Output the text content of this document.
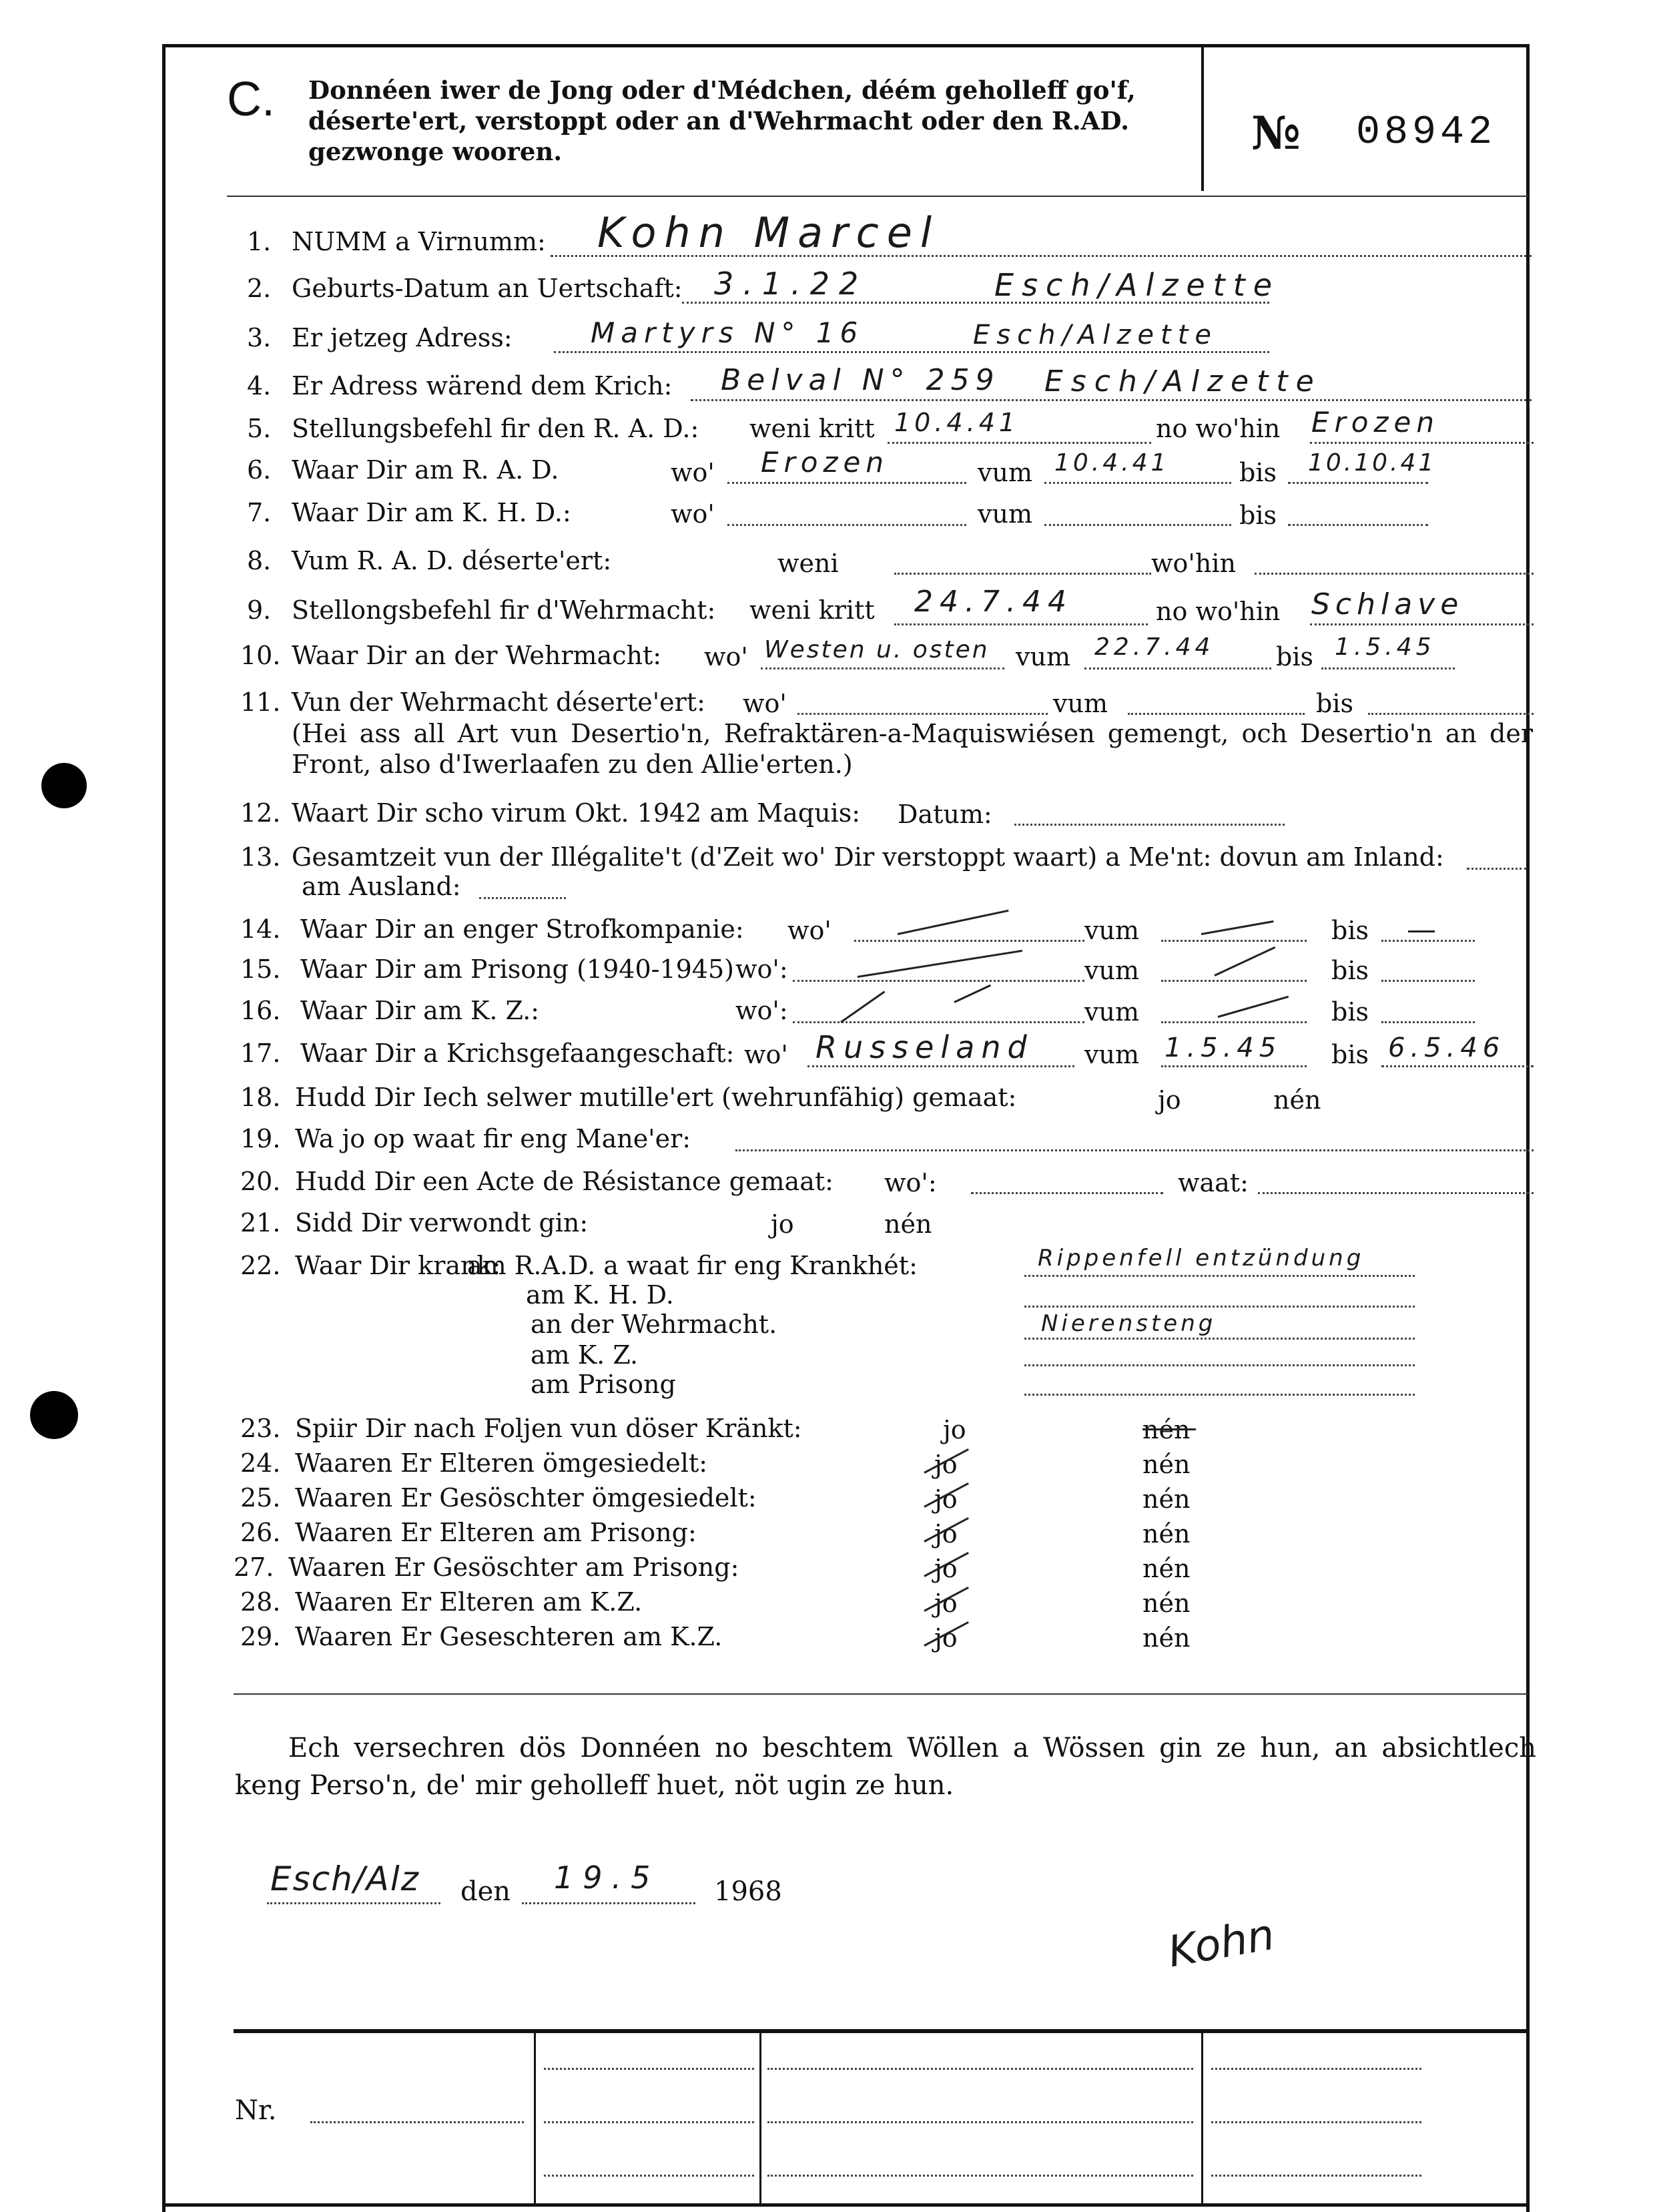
C. Donnéen iwer de Jong oder d'Médchen, déém geholleff go'f, déserte'ert, verstoppt oder an d'Wehrmacht oder den R.AD. gezwonge wooren.	№ 08942
1. NUMM a Virnumm: Kohn Marcel
2. Geburts-Datum an Uertschaft: 3.1.22	Esch/Alzette
3. Er jetzeg Adress:	Martyrs N° 16	Esch/Alzette
4. Er Adress wärend dem Krich: Belval N° 259 Esch/Alzette
5. Stellungsbefehl fir den R. A. D.: weni kritt 10.4.41	no wo'hin Erozen
6. Waar Dir am R. A. D.	wo' Erozen	vum 10.4.41	bis 10.10.41
7. Waar Dir am K. H. D.:	wo'	vum	bis
8. Vum R. A. D. déserte'ert:	weni	wo'hin
9. Stellongsbefehl fir d'Wehrmacht: weni kritt 24.7.44	no wo'hin Schlave
10. Waar Dir an der Wehrmacht: wo' Westen u. osten vum 22.7.44 bis 1.5.45
11. Vun der Wehrmacht déserte'ert: wo'	vum	bis
(Hei ass all Art vun Desertio'n, Refraktären-a-Maquiswiésen gemengt, och Desertio'n an der Front, also d'Iwerlaafen zu den Allie'erten.)
12. Waart Dir scho virum Okt. 1942 am Maquis: Datum:
13. Gesamtzeit vun der Illégalite't (d'Zeit wo' Dir verstoppt waart) a Me'nt: dovun am Inland:
am Ausland:
14. Waar Dir an enger Strofkompanie: wo'	vum	bis
15. Waar Dir am Prisong (1940-1945) wo':	vum	bis
16. Waar Dir am K. Z.:	wo':	vum	bis
17. Waar Dir a Krichsgefaangeschaft: wo' Russeland vum 1.5.45 bis 6.5.46
18. Hudd Dir Iech selwer mutille'ert (wehrunfähig) gemaat:	jo	nén
19. Wa jo op waat fir eng Mane'er:
20. Hudd Dir een Acte de Résistance gemaat: wo':	waat:
21. Sidd Dir verwondt gin:	jo	nén
22. Waar Dir krank:
am R.A.D. a waat fir eng Krankhét:	Rippenfell entzündung
am K. H. D.
an der Wehrmacht.	Nierensteng
am K. Z.
am Prisong
23. Spiir Dir nach Foljen vun döser Kränkt:	jo	nén
24. Waaren Er Elteren ömgesiedelt:	jo	nén
25. Waaren Er Gesöschter ömgesiedelt:	jo	nén
26. Waaren Er Elteren am Prisong:	jo	nén
27. Waaren Er Gesöschter am Prisong:	jo	nén
28. Waaren Er Elteren am K.Z.	jo	nén
29. Waaren Er Geseschteren am K.Z.	jo	nén
Ech versechren dös Donnéen no beschtem Wöllen a Wössen gin ze hun, an absichtlech keng Perso'n, de' mir geholleff huet, nöt ugin ze hun.
Esch/Alz den 19.5 1968
Kohn
Nr.
